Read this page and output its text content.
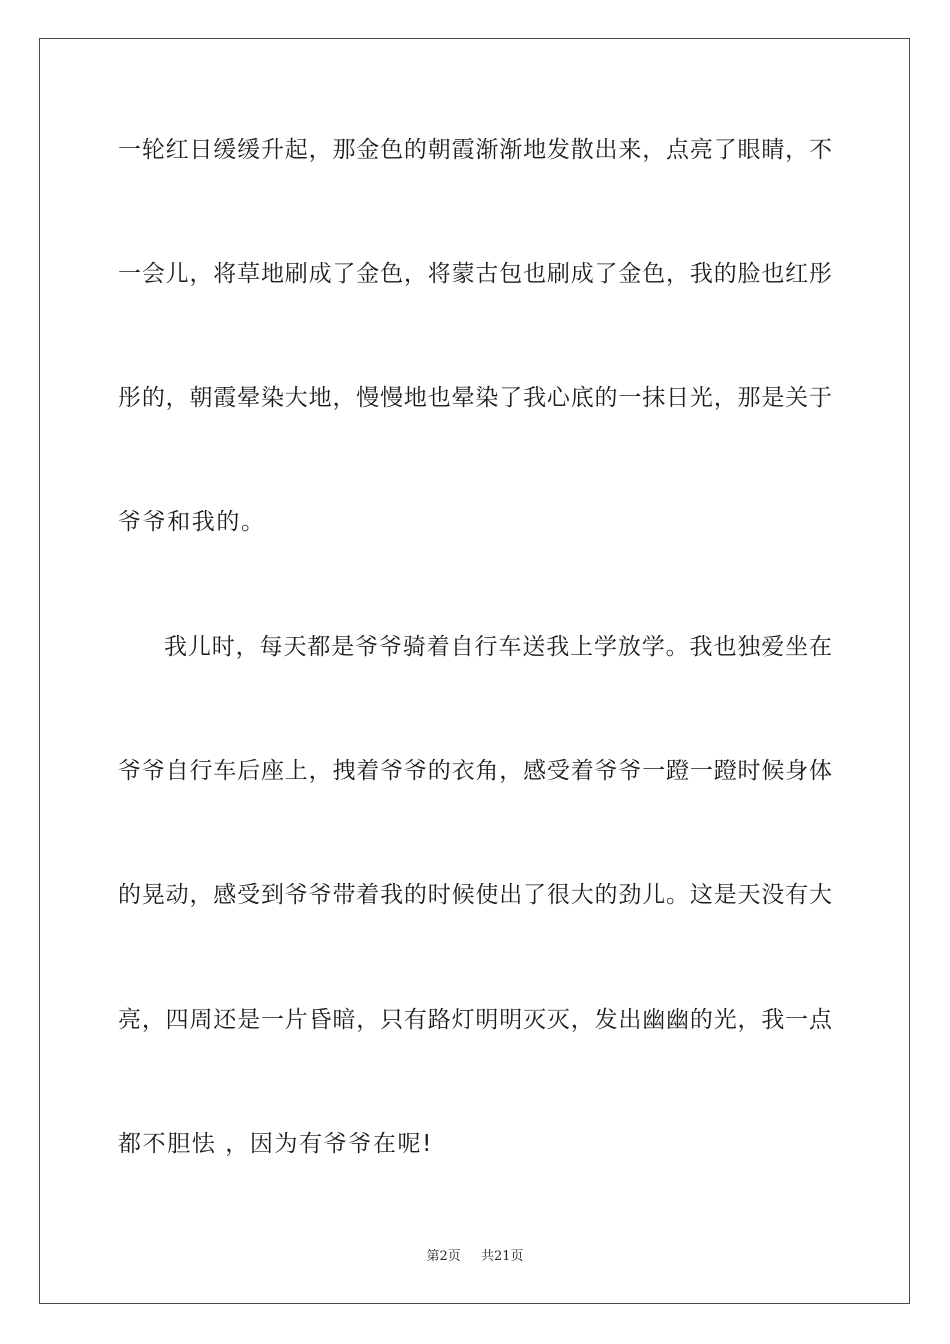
一轮红日缓缓升起，那金色的朝霞渐渐地发散出来，点亮了眼睛，不
一会儿，将草地刷成了金色，将蒙古包也刷成了金色，我的脸也红彤
彤的，朝霞晕染大地，慢慢地也晕染了我心底的一抹日光，那是关于
爷爷和我的。
我儿时，每天都是爷爷骑着自行车送我上学放学。我也独爱坐在
爷爷自行车后座上，拽着爷爷的衣角，感受着爷爷一蹬一蹬时候身体
的晃动，感受到爷爷带着我的时候使出了很大的劲儿。这是天没有大
亮，四周还是一片昏暗，只有路灯明明灭灭，发出幽幽的光，我一点
都不胆怯 ，因为有爷爷在呢!
第2页 共21页
